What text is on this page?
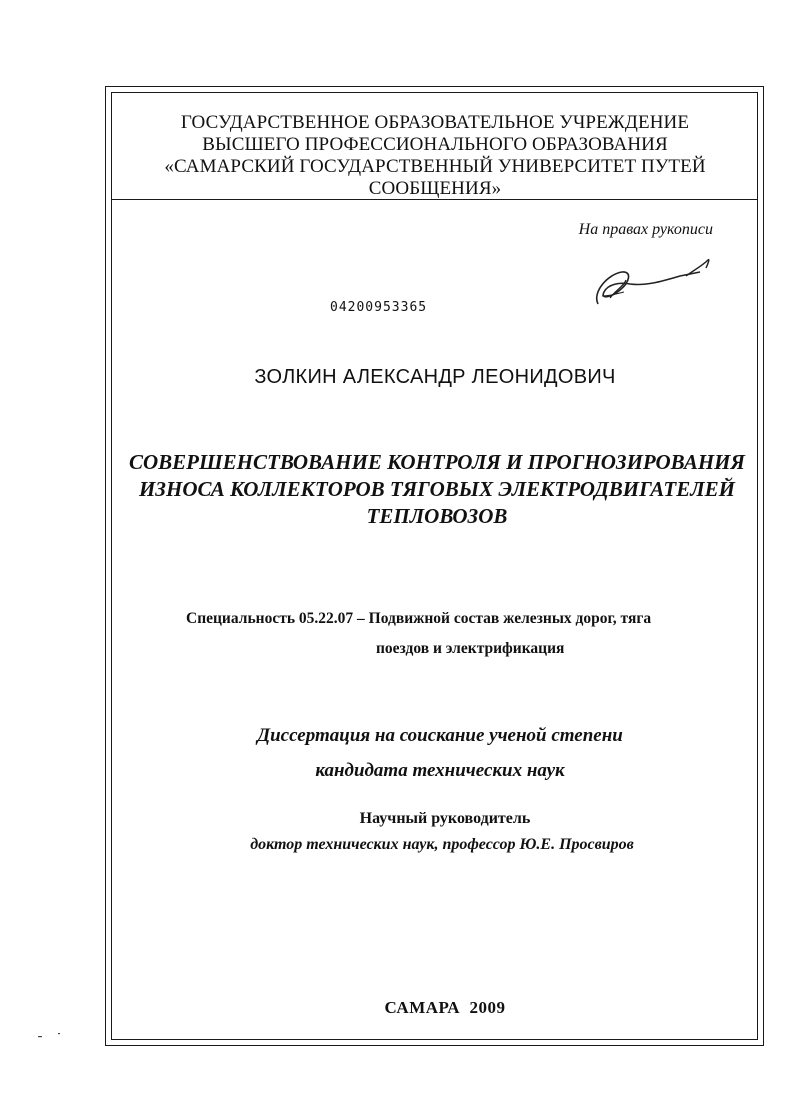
ГОСУДАРСТВЕННОЕ ОБРАЗОВАТЕЛЬНОЕ УЧРЕЖДЕНИЕ
ВЫСШЕГО ПРОФЕССИОНАЛЬНОГО ОБРАЗОВАНИЯ
«САМАРСКИЙ ГОСУДАРСТВЕННЫЙ УНИВЕРСИТЕТ ПУТЕЙ
СООБЩЕНИЯ»
На правах рукописи
04200953365
ЗОЛКИН АЛЕКСАНДР ЛЕОНИДОВИЧ
СОВЕРШЕНСТВОВАНИЕ КОНТРОЛЯ И ПРОГНОЗИРОВАНИЯ
ИЗНОСА КОЛЛЕКТОРОВ ТЯГОВЫХ ЭЛЕКТРОДВИГАТЕЛЕЙ
ТЕПЛОВОЗОВ
Специальность 05.22.07 – Подвижной состав железных дорог, тяга
поездов и электрификация
Диссертация на соискание ученой степени
кандидата технических наук
Научный руководитель
доктор технических наук, профессор Ю.Е. Просвиров
САМАРА  2009
